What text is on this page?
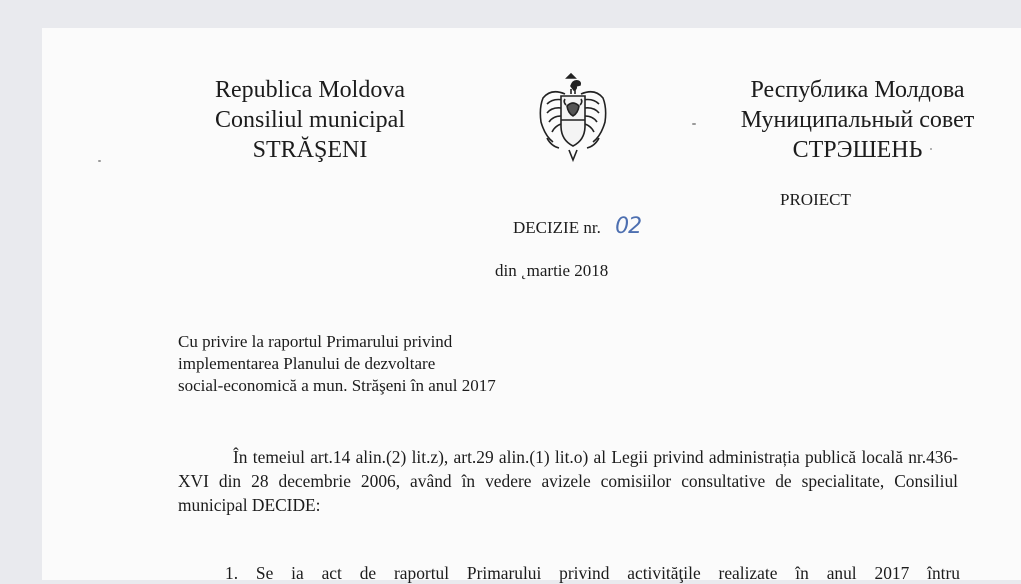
Republica Moldova
Consiliul municipal
STRĂŞENI
Республика Молдова
Муниципальный совет
СТРЭШЕНЬ
PROIECT
DECIZIE nr. 02
din ˛martie 2018
Cu privire la raportul Primarului privind
implementarea Planului de dezvoltare
social-economică a mun. Străşeni în anul 2017
În temeiul art.14 alin.(2) lit.z), art.29 alin.(1) lit.o) al Legii privind administrația publică locală nr.436-XVI din 28 decembrie 2006, având în vedere avizele comisiilor consultative de specialitate, Consiliul municipal DECIDE:
1. Se ia act de raportul Primarului privind activităţile realizate în anul 2017 întru
